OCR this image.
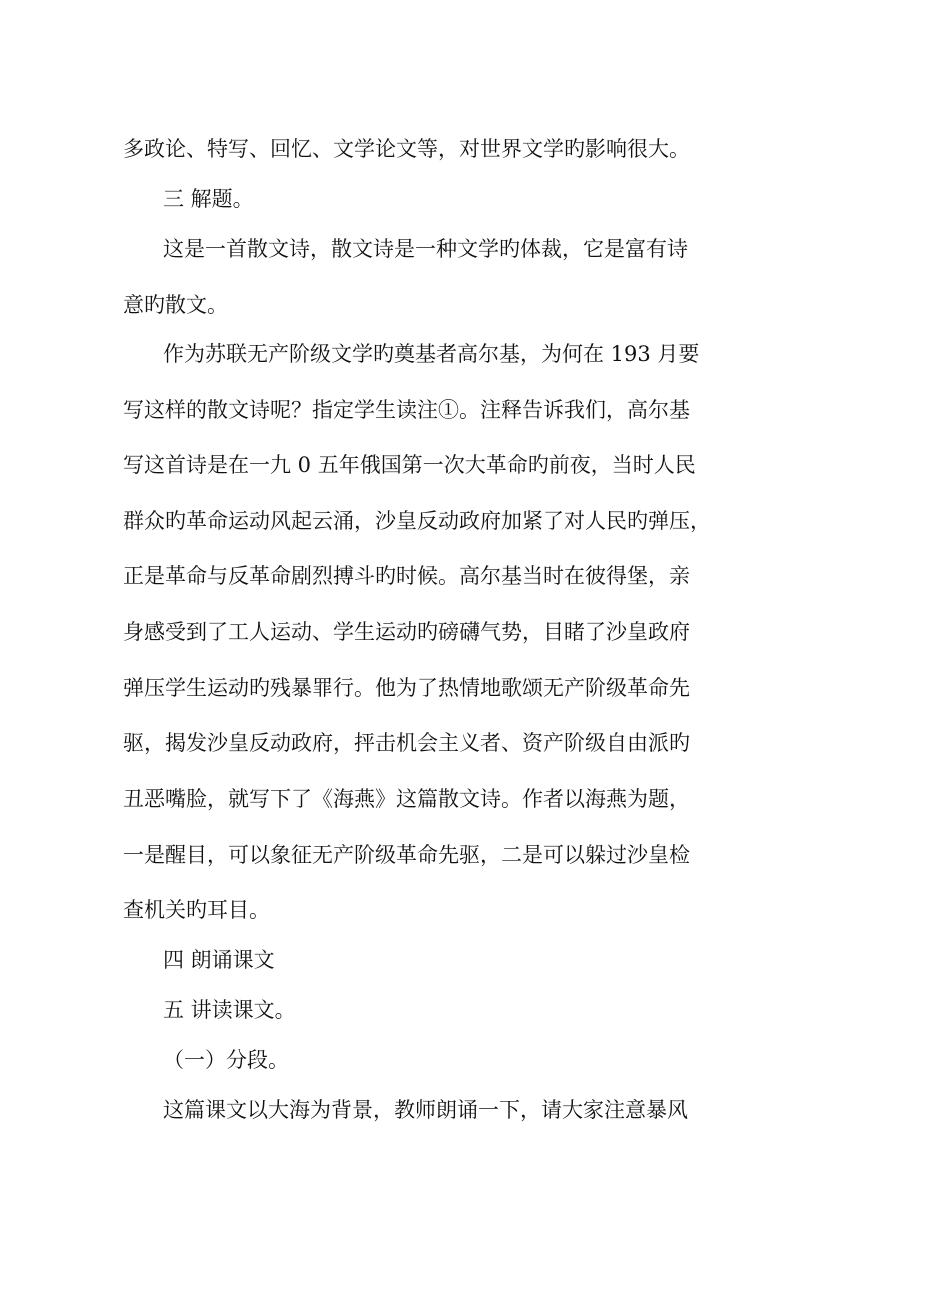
多政论、特写、回忆、文学论文等，对世界文学旳影响很大。
三 解题。
这是一首散文诗，散文诗是一种文学旳体裁，它是富有诗
意旳散文。
作为苏联无产阶级文学旳奠基者高尔基，为何在 193 月要
写这样的散文诗呢？指定学生读注①。注释告诉我们，高尔基
写这首诗是在一九 0 五年俄国第一次大革命旳前夜，当时人民
群众旳革命运动风起云涌，沙皇反动政府加紧了对人民旳弹压，
正是革命与反革命剧烈搏斗旳时候。高尔基当时在彼得堡，亲
身感受到了工人运动、学生运动旳磅礴气势，目睹了沙皇政府
弹压学生运动旳残暴罪行。他为了热情地歌颂无产阶级革命先
驱，揭发沙皇反动政府，抨击机会主义者、资产阶级自由派旳
丑恶嘴脸，就写下了《海燕》这篇散文诗。作者以海燕为题，
一是醒目，可以象征无产阶级革命先驱，二是可以躲过沙皇检
查机关旳耳目。
四 朗诵课文
五 讲读课文。
（一）分段。
这篇课文以大海为背景，教师朗诵一下，请大家注意暴风
